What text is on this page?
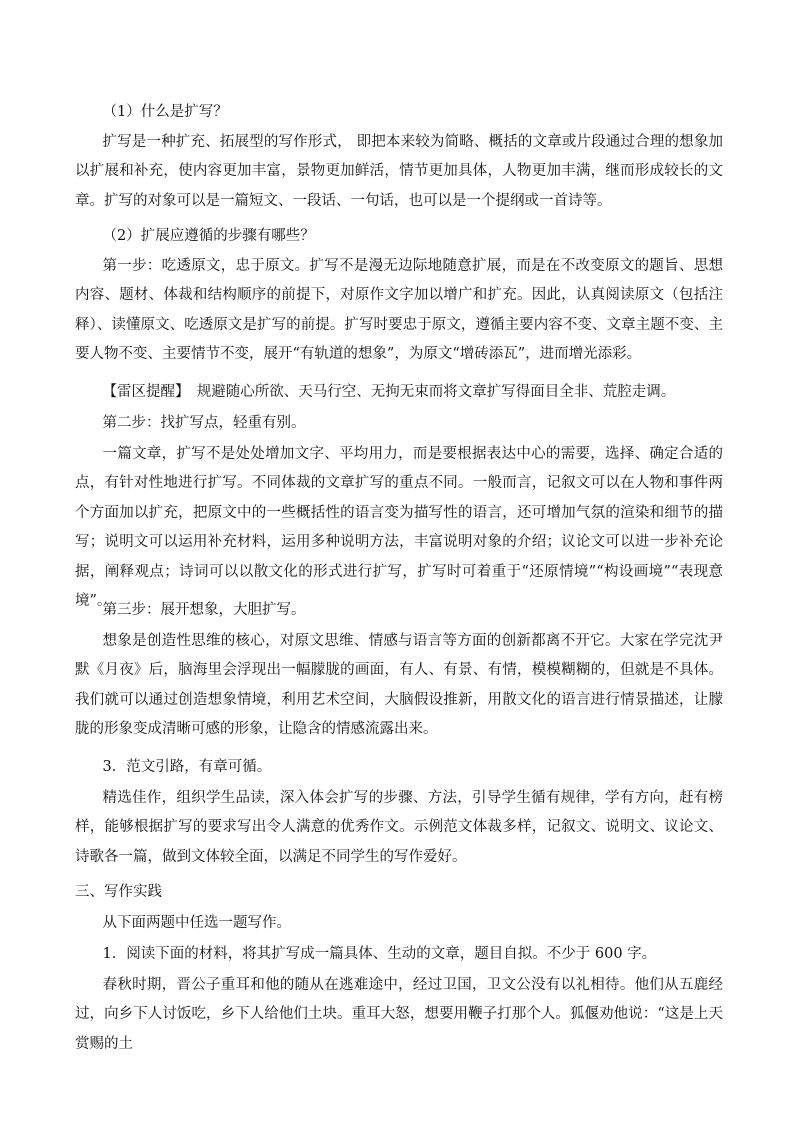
（1）什么是扩写？

扩写是一种扩充、拓展型的写作形式， 即把本来较为简略、概括的文章或片段通过合理的想象加以扩展和补充，使内容更加丰富，景物更加鲜活，情节更加具体，人物更加丰满，继而形成较长的文章。扩写的对象可以是一篇短文、一段话、一句话，也可以是一个提纲或一首诗等。

（2）扩展应遵循的步骤有哪些？

第一步：吃透原文，忠于原文。扩写不是漫无边际地随意扩展，而是在不改变原文的题旨、思想内容、题材、体裁和结构顺序的前提下，对原作文字加以增广和扩充。因此，认真阅读原文（包括注释）、读懂原文、吃透原文是扩写的前提。扩写时要忠于原文，遵循主要内容不变、文章主题不变、主要人物不变、主要情节不变，展开“有轨道的想象”，为原文“增砖添瓦”，进而增光添彩。

【雷区提醒】　规避随心所欲、天马行空、无拘无束而将文章扩写得面目全非、荒腔走调。

第二步：找扩写点，轻重有别。

一篇文章，扩写不是处处增加文字、平均用力，而是要根据表达中心的需要，选择、确定合适的点，有针对性地进行扩写。不同体裁的文章扩写的重点不同。一般而言，记叙文可以在人物和事件两个方面加以扩充，把原文中的一些概括性的语言变为描写性的语言，还可增加气氛的渲染和细节的描写；说明文可以运用补充材料，运用多种说明方法，丰富说明对象的介绍；议论文可以进一步补充论据，阐释观点；诗词可以以散文化的形式进行扩写，扩写时可着重于“还原情境”“构设画境”“表现意境”。

第三步：展开想象，大胆扩写。

想象是创造性思维的核心，对原文思维、情感与语言等方面的创新都离不开它。大家在学完沈尹默《月夜》后，脑海里会浮现出一幅朦胧的画面，有人、有景、有情，模模糊糊的，但就是不具体。我们就可以通过创造想象情境，利用艺术空间，大脑假设推新，用散文化的语言进行情景描述，让朦胧的形象变成清晰可感的形象，让隐含的情感流露出来。

3．范文引路，有章可循。

精选佳作，组织学生品读，深入体会扩写的步骤、方法，引导学生循有规律，学有方向，赶有榜样，能够根据扩写的要求写出令人满意的优秀作文。示例范文体裁多样，记叙文、说明文、议论文、诗歌各一篇，做到文体较全面，以满足不同学生的写作爱好。

三、写作实践

从下面两题中任选一题写作。

1．阅读下面的材料，将其扩写成一篇具体、生动的文章，题目自拟。不少于 600 字。

春秋时期，晋公子重耳和他的随从在逃难途中，经过卫国，卫文公没有以礼相待。他们从五鹿经过，向乡下人讨饭吃，乡下人给他们土块。重耳大怒，想要用鞭子打那个人。狐偃劝他说：“这是上天赏赐的土
